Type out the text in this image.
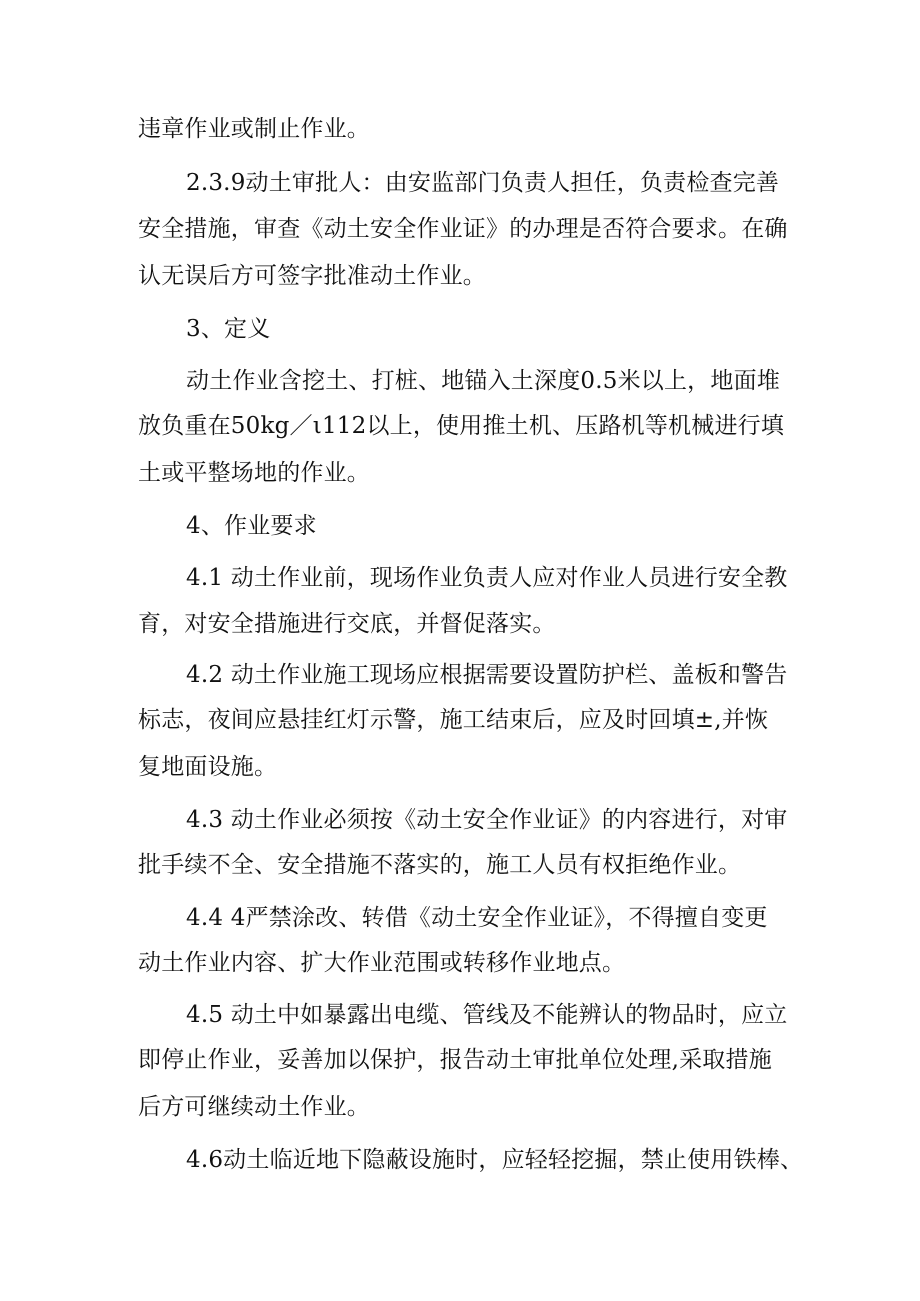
违章作业或制止作业。
2.3.9动土审批人：由安监部门负责人担任，负责检查完善
安全措施，审查《动土安全作业证》的办理是否符合要求。在确
认无误后方可签字批准动土作业。
3、定义
动土作业含挖土、打桩、地锚入土深度0.5米以上，地面堆
放负重在50kg／ι112以上，使用推土机、压路机等机械进行填
土或平整场地的作业。
4、作业要求
4.1 动土作业前，现场作业负责人应对作业人员进行安全教
育，对安全措施进行交底，并督促落实。
4.2 动土作业施工现场应根据需要设置防护栏、盖板和警告
标志，夜间应悬挂红灯示警，施工结束后，应及时回填±,并恢
复地面设施。
4.3 动土作业必须按《动土安全作业证》的内容进行，对审
批手续不全、安全措施不落实的，施工人员有权拒绝作业。
4.4 4严禁涂改、转借《动土安全作业证》，不得擅自变更
动土作业内容、扩大作业范围或转移作业地点。
4.5 动土中如暴露出电缆、管线及不能辨认的物品时，应立
即停止作业，妥善加以保护，报告动土审批单位处理,采取措施
后方可继续动土作业。
4.6动土临近地下隐蔽设施时，应轻轻挖掘，禁止使用铁棒、
